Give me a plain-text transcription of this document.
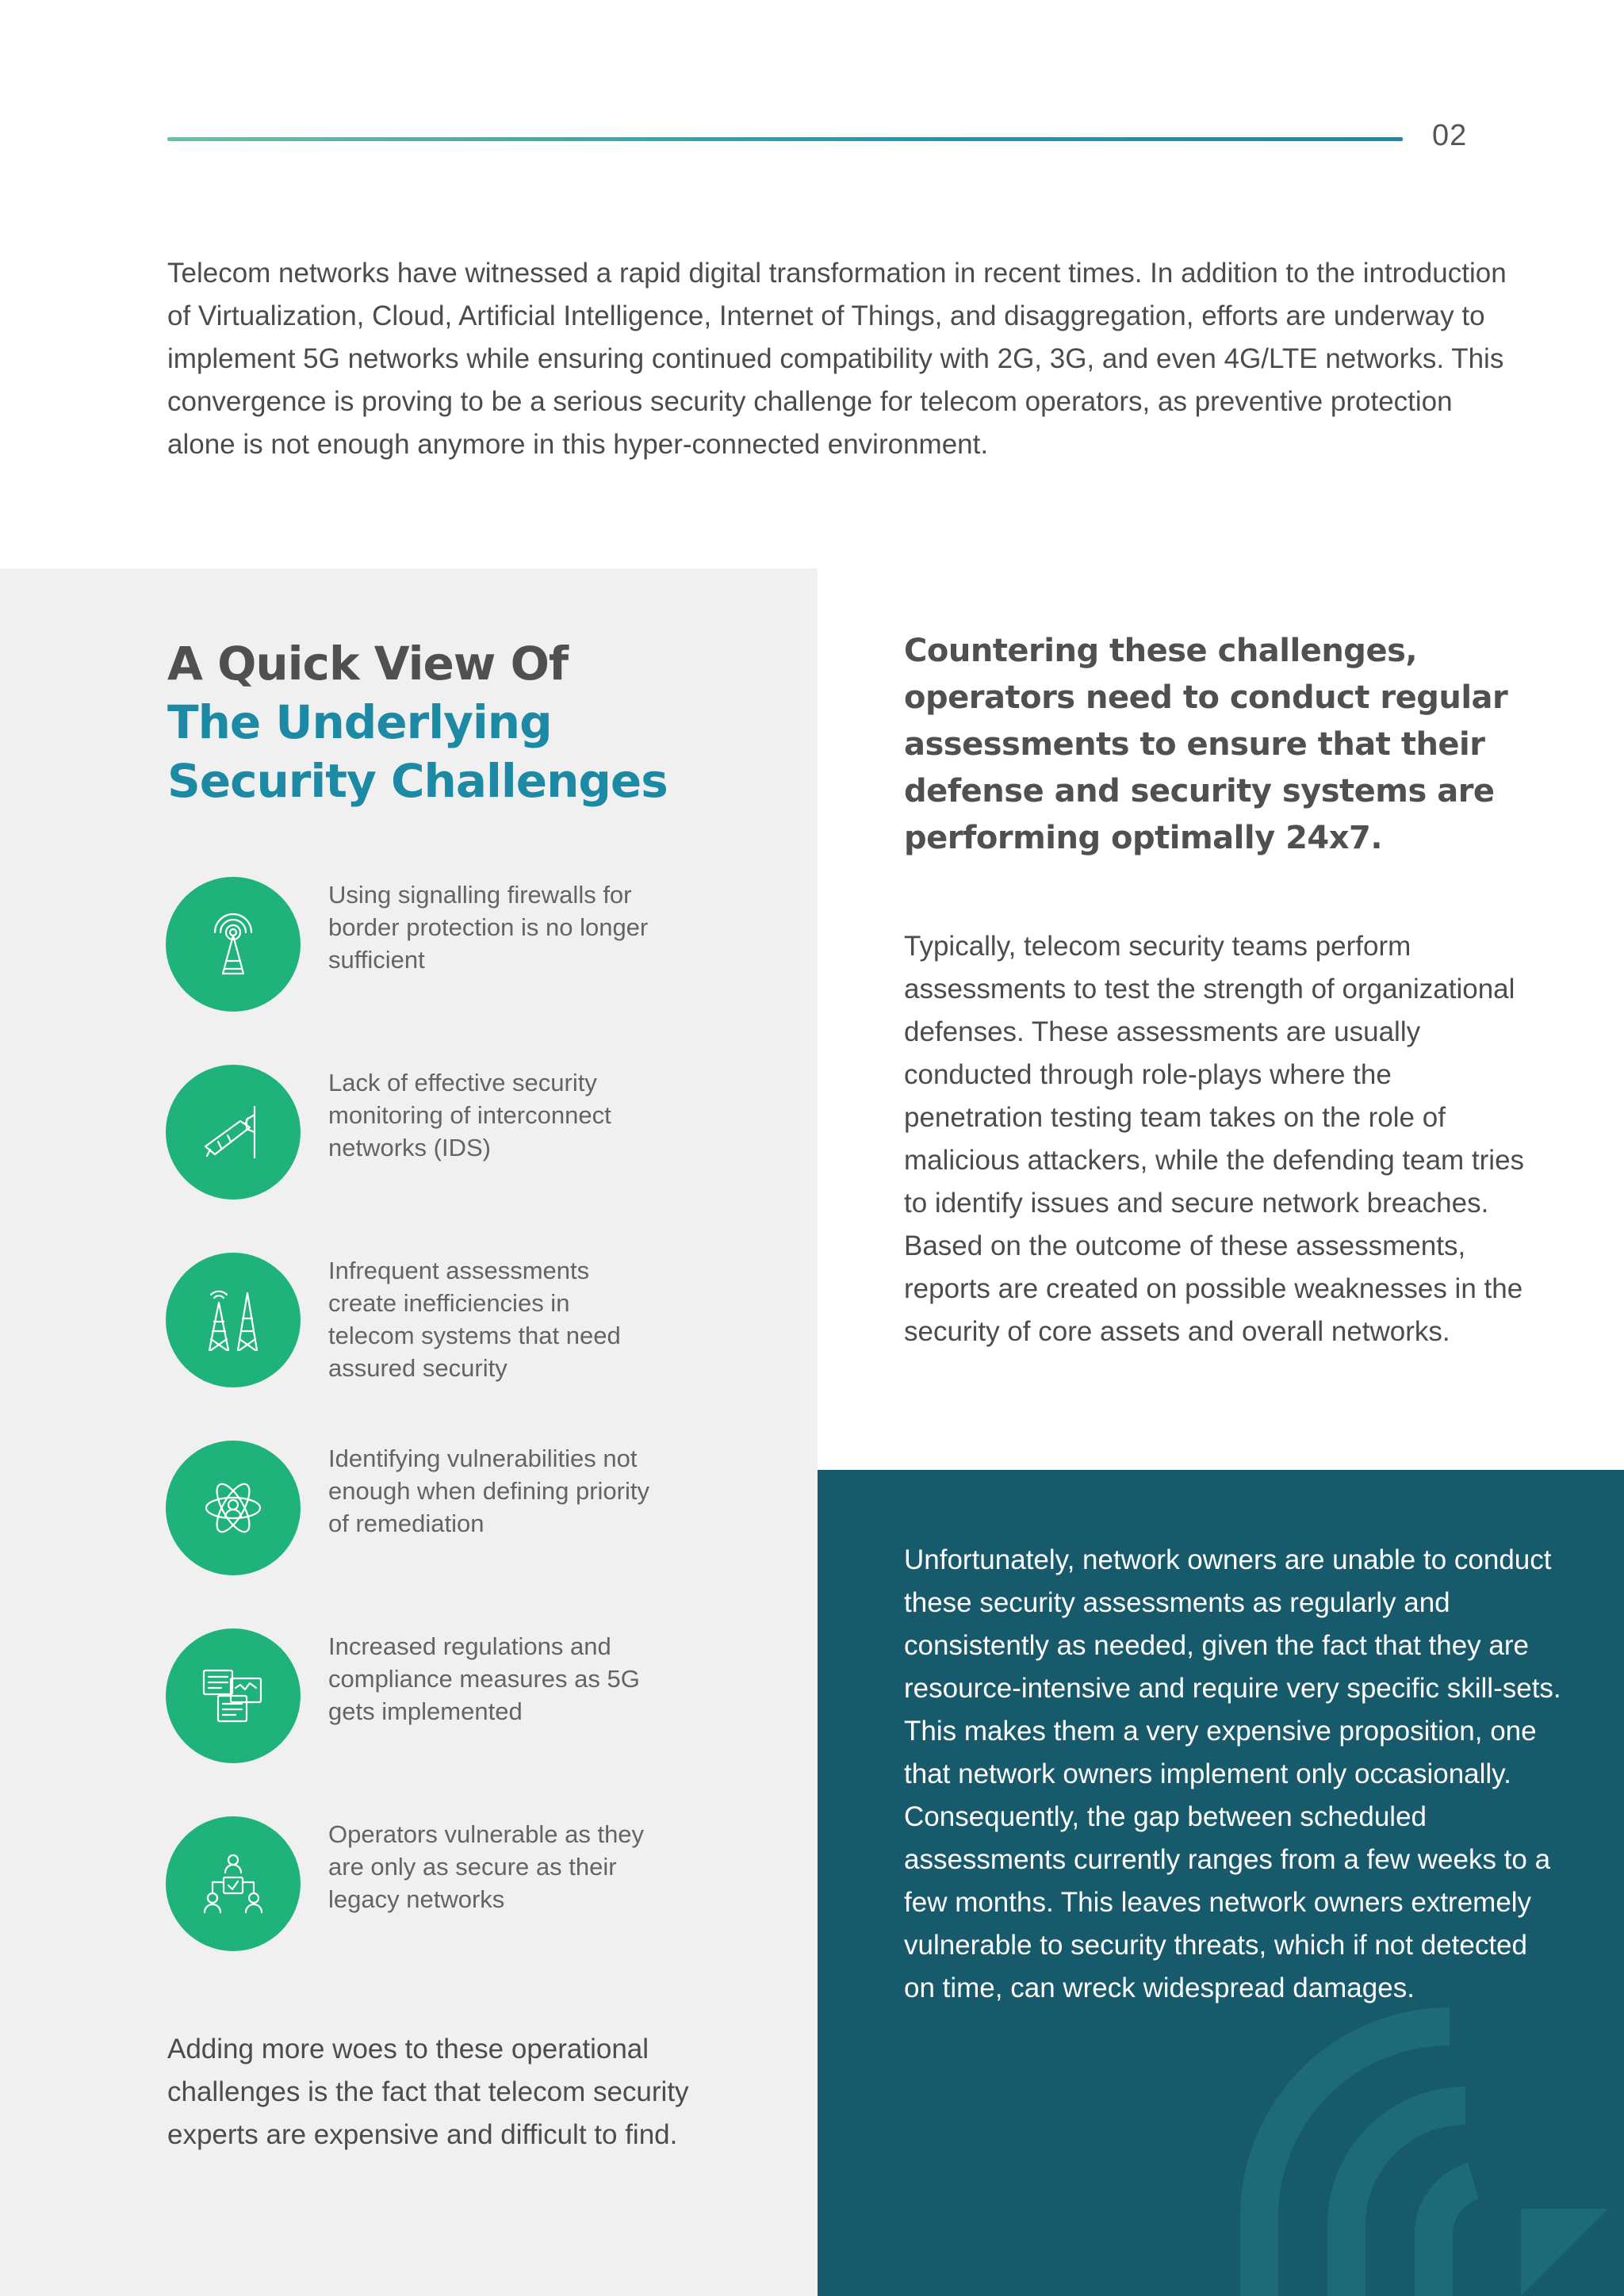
02

Telecom networks have witnessed a rapid digital transformation in recent times. In addition to the introduction of Virtualization, Cloud, Artificial Intelligence, Internet of Things, and disaggregation, efforts are underway to implement 5G networks while ensuring continued compatibility with 2G, 3G, and even 4G/LTE networks. This convergence is proving to be a serious security challenge for telecom operators, as preventive protection alone is not enough anymore in this hyper-connected environment.

A Quick View Of
The Underlying
Security Challenges
Using signalling firewalls for border protection is no longer sufficient
Lack of effective security monitoring of interconnect networks (IDS)
Infrequent assessments create inefficiencies in telecom systems that need assured security
Identifying vulnerabilities not enough when defining priority of remediation
Increased regulations and compliance measures as 5G gets implemented
Operators vulnerable as they are only as secure as their legacy networks

Adding more woes to these operational challenges is the fact that telecom security experts are expensive and difficult to find.

Countering these challenges, operators need to conduct regular assessments to ensure that their defense and security systems are performing optimally 24x7.

Typically, telecom security teams perform assessments to test the strength of organizational defenses. These assessments are usually conducted through role-plays where the penetration testing team takes on the role of malicious attackers, while the defending team tries to identify issues and secure network breaches. Based on the outcome of these assessments, reports are created on possible weaknesses in the security of core assets and overall networks.

Unfortunately, network owners are unable to conduct these security assessments as regularly and consistently as needed, given the fact that they are resource-intensive and require very specific skill-sets. This makes them a very expensive proposition, one that network owners implement only occasionally. Consequently, the gap between scheduled assessments currently ranges from a few weeks to a few months. This leaves network owners extremely vulnerable to security threats, which if not detected on time, can wreck widespread damages.
